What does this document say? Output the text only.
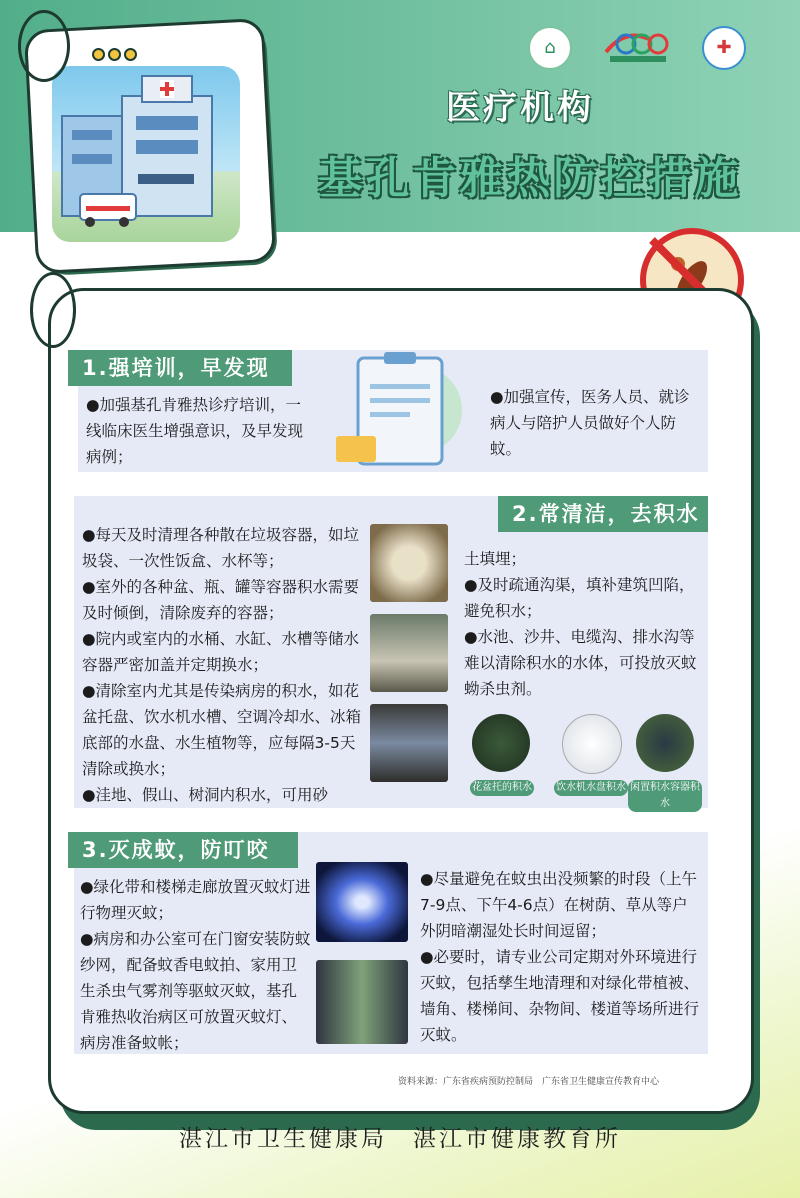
⌂	✚
医疗机构
基孔肯雅热防控措施
1.强培训，早发现
●加强基孔肯雅热诊疗培训，一线临床医生增强意识，及早发现病例；
●加强宣传，医务人员、就诊病人与陪护人员做好个人防蚊。
2.常清洁，去积水
●每天及时清理各种散在垃圾容器，如垃圾袋、一次性饭盒、水杯等；
●室外的各种盆、瓶、罐等容器积水需要及时倾倒，清除废弃的容器；
●院内或室内的水桶、水缸、水槽等储水容器严密加盖并定期换水；
●清除室内尤其是传染病房的积水，如花盆托盘、饮水机水槽、空调冷却水、冰箱底部的水盘、水生植物等，应每隔3-5天清除或换水；
●洼地、假山、树洞内积水，可用砂
土填埋；
●及时疏通沟渠，填补建筑凹陷，避免积水；
●水池、沙井、电缆沟、排水沟等难以清除积水的水体，可投放灭蚊蚴杀虫剂。
花盆托的积水 饮水机水盘积水 闲置积水容器积水
3.灭成蚊，防叮咬
●绿化带和楼梯走廊放置灭蚊灯进行物理灭蚊；
●病房和办公室可在门窗安装防蚊纱网，配备蚊香电蚊拍、家用卫生杀虫气雾剂等驱蚊灭蚊，基孔肯雅热收治病区可放置灭蚊灯、病房准备蚊帐；
●尽量避免在蚊虫出没频繁的时段（上午7-9点、下午4-6点）在树荫、草从等户外阴暗潮湿处长时间逗留；
●必要时，请专业公司定期对外环境进行灭蚊，包括孳生地清理和对绿化带植被、墙角、楼梯间、杂物间、楼道等场所进行灭蚊。
资料来源：广东省疾病预防控制局　广东省卫生健康宣传教育中心
湛江市卫生健康局　湛江市健康教育所
